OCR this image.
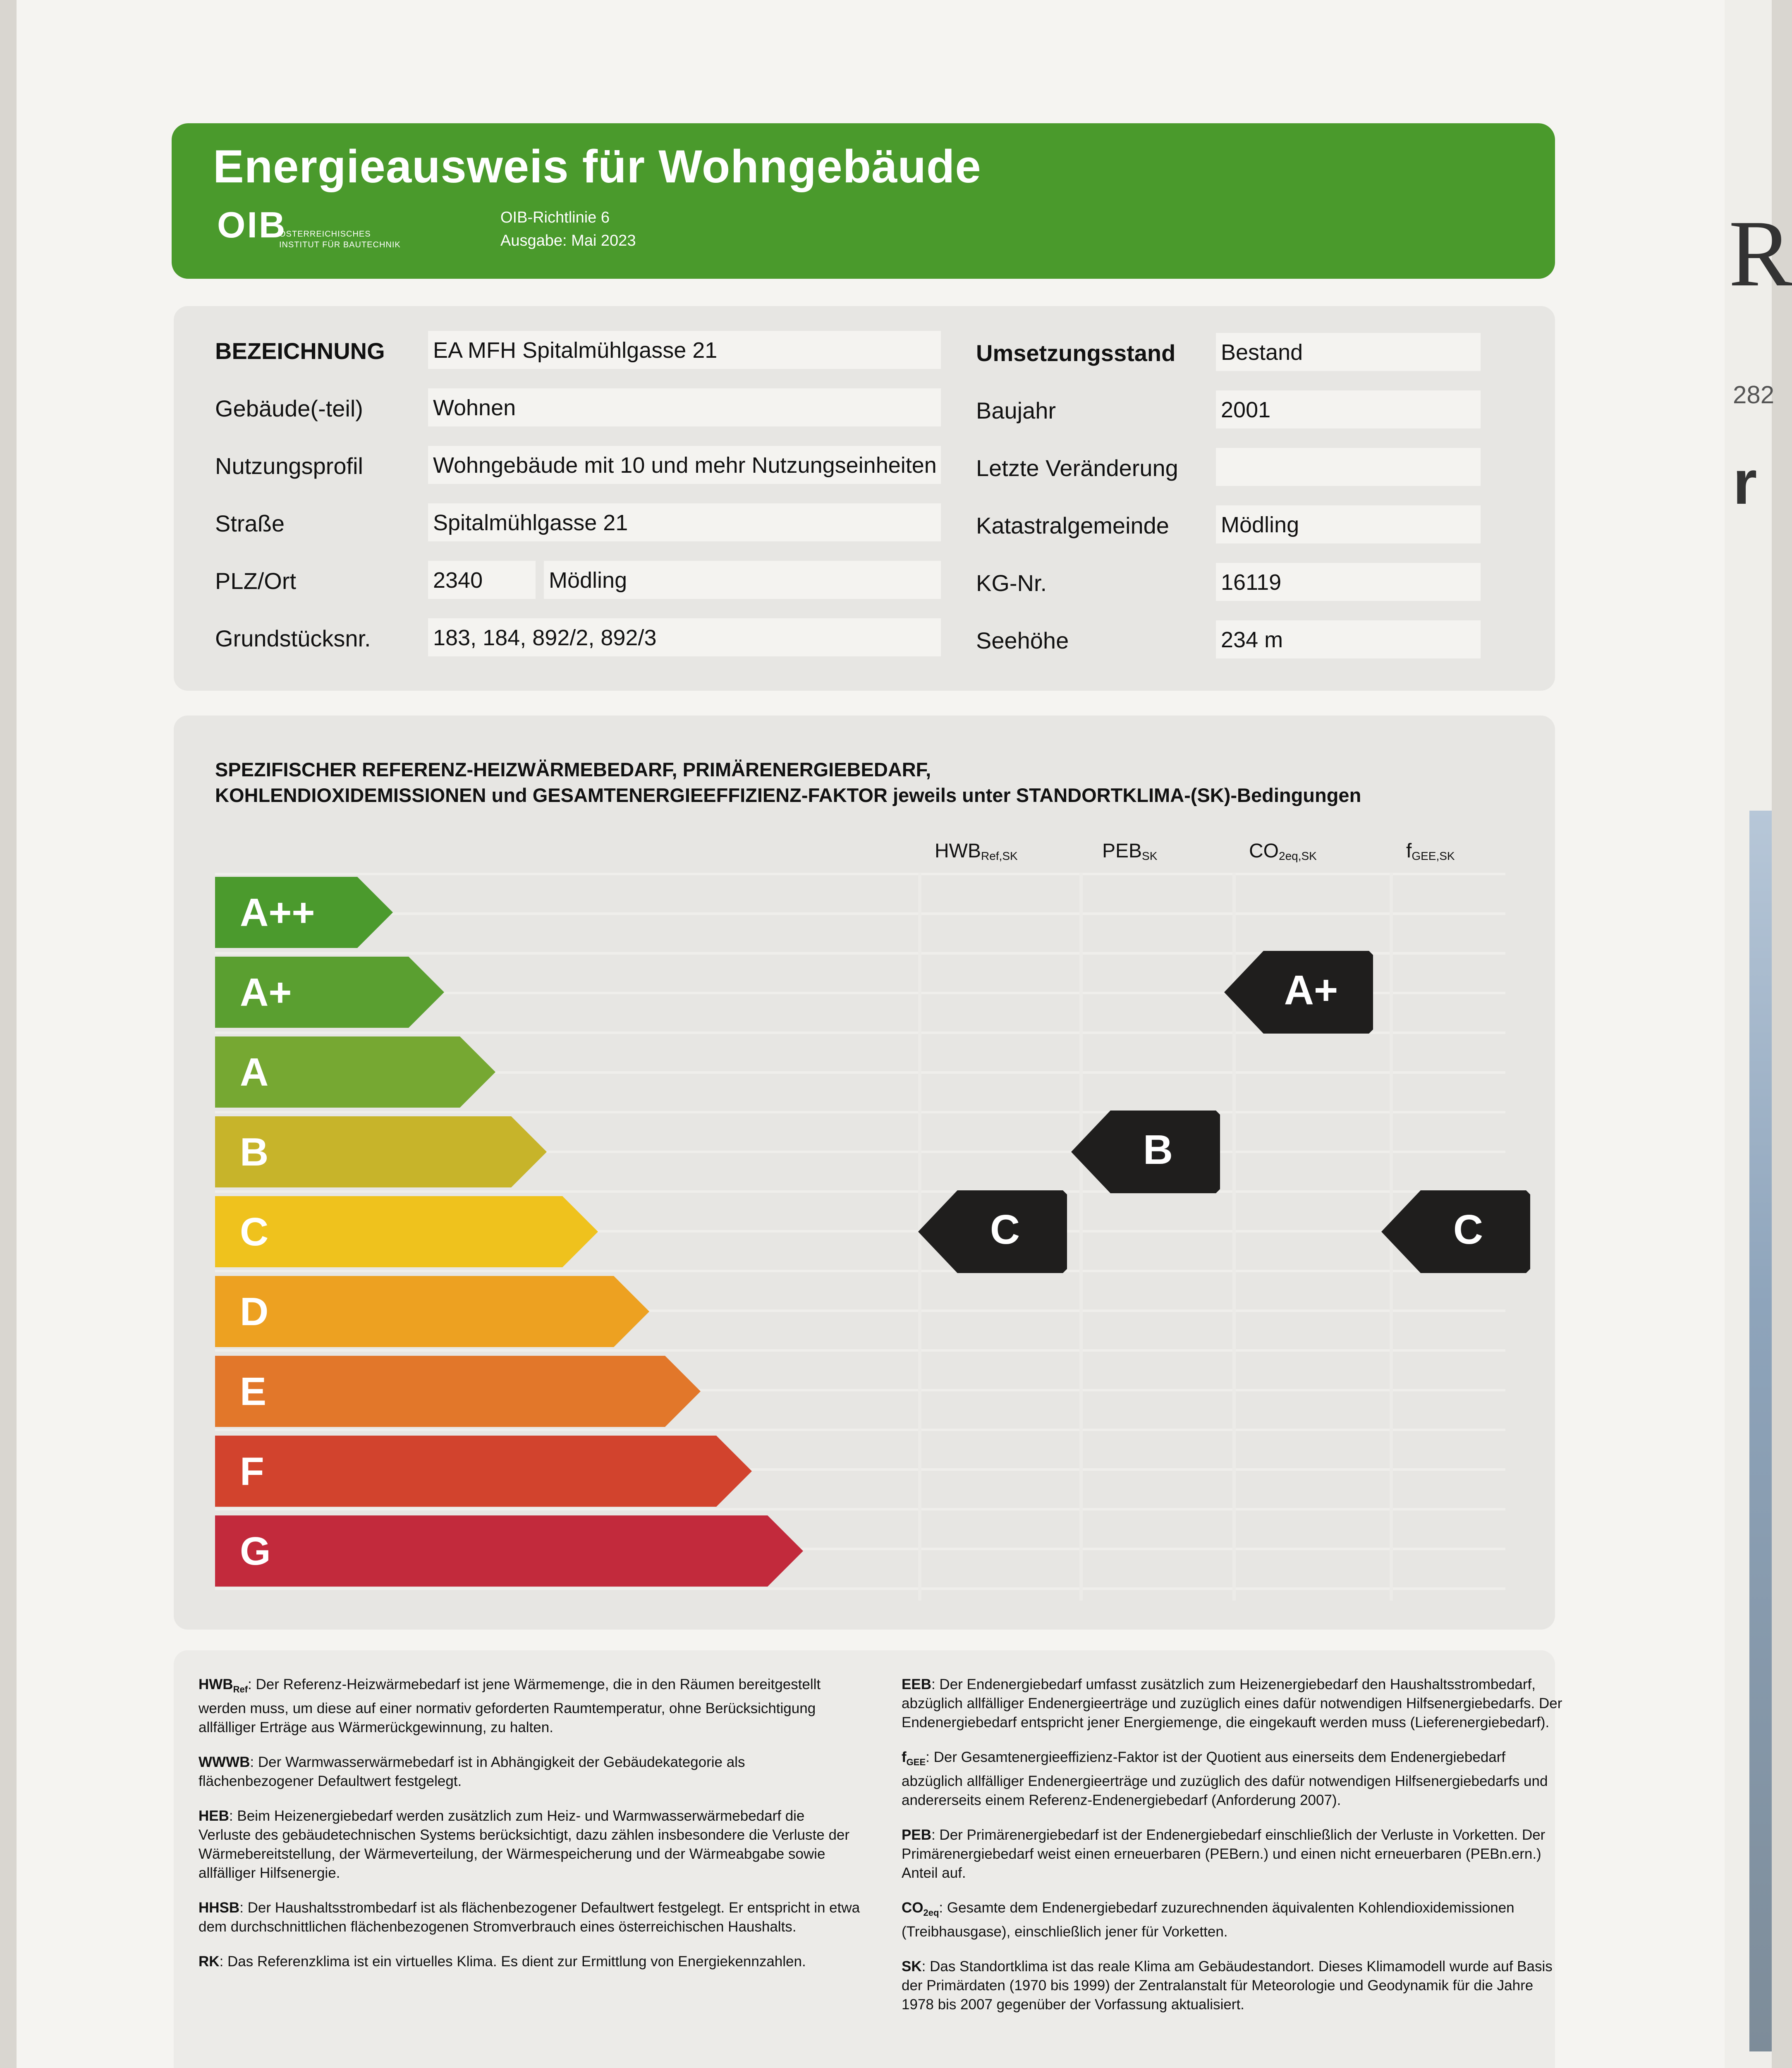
R
282
r
Energieausweis für Wohngebäude
OIB
ÖSTERREICHISCHES
INSTITUT FÜR BAUTECHNIK
OIB-Richtlinie 6
Ausgabe: Mai 2023
BEZEICHNUNG EA MFH Spitalmühlgasse 21
Gebäude(-teil)	Wohnen
Nutzungsprofil	Wohngebäude mit 10 und mehr Nutzungseinheiten
Straße	Spitalmühlgasse 21
PLZ/Ort	2340	Mödling
Grundstücksnr.	183, 184, 892/2, 892/3
Umsetzungsstand Bestand
Baujahr	2001
Letzte Veränderung
Katastralgemeinde Mödling
KG-Nr.	16119
Seehöhe	234 m
SPEZIFISCHER REFERENZ-HEIZWÄRMEBEDARF, PRIMÄRENERGIEBEDARF,
KOHLENDIOXIDEMISSIONEN und GESAMTENERGIEEFFIZIENZ-FAKTOR jeweils unter STANDORTKLIMA-(SK)-Bedingungen
A++
A+
A
B
C
D
E
F
G
C
B
A+
C
$HWB_{Ref,SK}$	$PEB_{SK}$	$CO_{2eq,SK}$	$f_{GEE,SK}$

$HWB_{Ref}$: Der Referenz-Heizwärmebedarf ist jene Wärmemenge, die in den Räumen bereitgestellt werden muss, um diese auf einer normativ geforderten Raumtemperatur, ohne Berücksichtigung allfälliger Erträge aus Wärmerückgewinnung, zu halten.

WWWB: Der Warmwasserwärmebedarf ist in Abhängigkeit der Gebäudekategorie als flächenbezogener Defaultwert festgelegt.

HEB: Beim Heizenergiebedarf werden zusätzlich zum Heiz- und Warmwasserwärmebedarf die Verluste des gebäudetechnischen Systems berücksichtigt, dazu zählen insbesondere die Verluste der Wärmebereitstellung, der Wärmeverteilung, der Wärmespeicherung und der Wärmeabgabe sowie allfälliger Hilfsenergie.

HHSB: Der Haushaltsstrombedarf ist als flächenbezogener Defaultwert festgelegt. Er entspricht in etwa dem durchschnittlichen flächenbezogenen Stromverbrauch eines österreichischen Haushalts.

RK: Das Referenzklima ist ein virtuelles Klima. Es dient zur Ermittlung von Energiekennzahlen.

EEB: Der Endenergiebedarf umfasst zusätzlich zum Heizenergiebedarf den Haushaltsstrombedarf, abzüglich allfälliger Endenergieerträge und zuzüglich eines dafür notwendigen Hilfsenergiebedarfs. Der Endenergiebedarf entspricht jener Energiemenge, die eingekauft werden muss (Lieferenergiebedarf).

$f_{GEE}$: Der Gesamtenergieeffizienz-Faktor ist der Quotient aus einerseits dem Endenergiebedarf abzüglich allfälliger Endenergieerträge und zuzüglich des dafür notwendigen Hilfsenergiebedarfs und andererseits einem Referenz-Endenergiebedarf (Anforderung 2007).

PEB: Der Primärenergiebedarf ist der Endenergiebedarf einschließlich der Verluste in Vorketten. Der Primärenergiebedarf weist einen erneuerbaren (PEBern.) und einen nicht erneuerbaren (PEBn.ern.) Anteil auf.

$CO_{2eq}$: Gesamte dem Endenergiebedarf zuzurechnenden äquivalenten Kohlendioxidemissionen (Treibhausgase), einschließlich jener für Vorketten.

SK: Das Standortklima ist das reale Klima am Gebäudestandort. Dieses Klimamodell wurde auf Basis der Primärdaten (1970 bis 1999) der Zentralanstalt für Meteorologie und Geodynamik für die Jahre 1978 bis 2007 gegenüber der Vorfassung aktualisiert.
